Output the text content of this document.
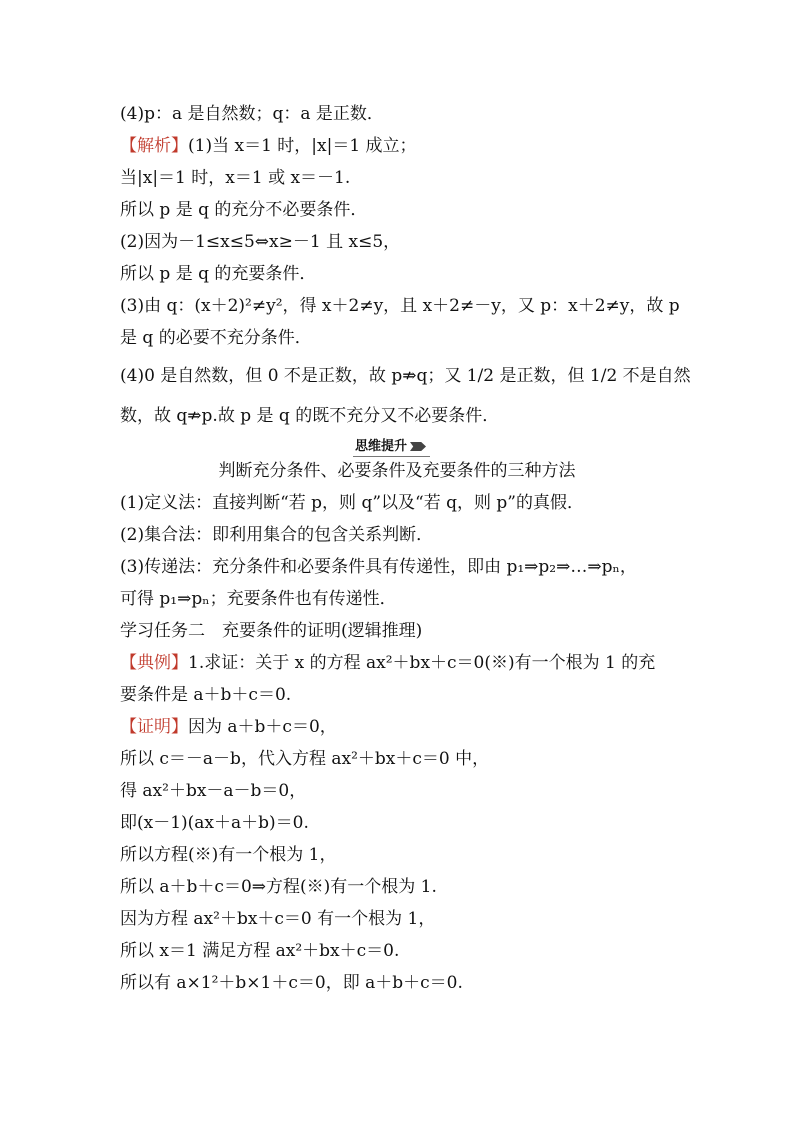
(4)p：a 是自然数；q：a 是正数．
【解析】(1)当 x＝1 时，|x|＝1 成立；
当|x|＝1 时，x＝1 或 x＝－1.
所以 p 是 q 的充分不必要条件．
(2)因为－1≤x≤5⇔x≥－1 且 x≤5，
所以 p 是 q 的充要条件．
(3)由 q：(x＋2)²≠y²，得 x＋2≠y，且 x＋2≠－y，又 p：x＋2≠y，故 p
是 q 的必要不充分条件．
(4)0 是自然数，但 0 不是正数，故 p⇏q；又 1/2 是正数，但 1/2 不是自然
数，故 q⇏p.故 p 是 q 的既不充分又不必要条件．
思维提升
判断充分条件、必要条件及充要条件的三种方法
(1)定义法：直接判断“若 p，则 q”以及“若 q，则 p”的真假．
(2)集合法：即利用集合的包含关系判断．
(3)传递法：充分条件和必要条件具有传递性，即由 p₁⇒p₂⇒…⇒pₙ，
可得 p₁⇒pₙ；充要条件也有传递性．
学习任务二　充要条件的证明(逻辑推理)
【典例】1.求证：关于 x 的方程 ax²＋bx＋c＝0(※)有一个根为 1 的充
要条件是 a＋b＋c＝0.
【证明】因为 a＋b＋c＝0，
所以 c＝－a－b，代入方程 ax²＋bx＋c＝0 中，
得 ax²＋bx－a－b＝0，
即(x－1)(ax＋a＋b)＝0.
所以方程(※)有一个根为 1，
所以 a＋b＋c＝0⇒方程(※)有一个根为 1.
因为方程 ax²＋bx＋c＝0 有一个根为 1，
所以 x＝1 满足方程 ax²＋bx＋c＝0.
所以有 a×1²＋b×1＋c＝0，即 a＋b＋c＝0.
